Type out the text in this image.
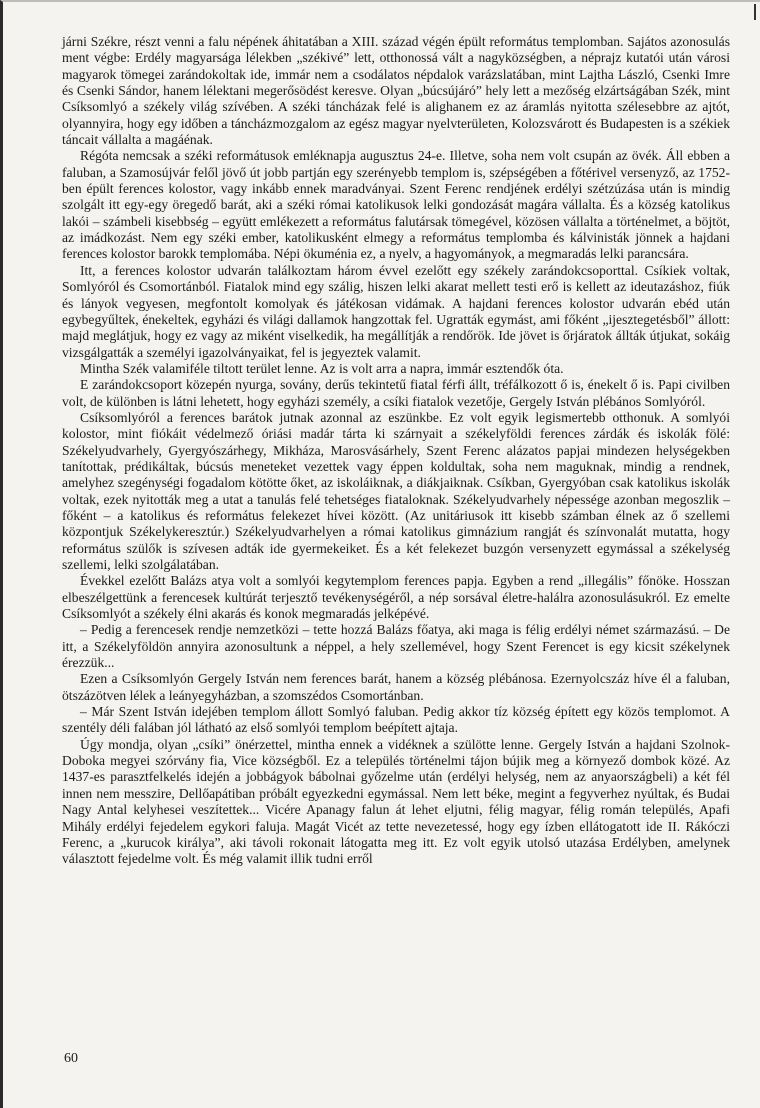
járni Székre, részt venni a falu népének áhitatában a XIII. század végén épült református templomban. Sajátos azonosulás ment végbe: Erdély magyarsága lélekben „székivé” lett, otthonossá vált a nagyközségben, a néprajz kutatói után városi magyarok tömegei zarándokoltak ide, immár nem a csodálatos népdalok varázslatában, mint Lajtha László, Csenki Imre és Csenki Sándor, hanem lélektani megerősödést keresve. Olyan „búcsújáró” hely lett a mezőség elzártságában Szék, mint Csíksomlyó a székely világ szívében. A széki táncházak felé is alighanem ez az áramlás nyitotta szélesebbre az ajtót, olyannyira, hogy egy időben a táncházmozgalom az egész magyar nyelvterületen, Kolozsvárott és Budapesten is a székiek táncait vállalta a magáénak.

Régóta nemcsak a széki reformátusok emléknapja augusztus 24-e. Illetve, soha nem volt csupán az övék. Áll ebben a faluban, a Szamosújvár felől jövő út jobb partján egy szerényebb templom is, szépségében a főtérivel versenyző, az 1752-ben épült ferences kolostor, vagy inkább ennek maradványai. Szent Ferenc rendjének erdélyi szétzúzása után is mindig szolgált itt egy-egy öregedő barát, aki a széki római katolikusok lelki gondozását magára vállalta. És a község katolikus lakói – számbeli kisebbség – együtt emlékezett a református falutársak tömegével, közösen vállalta a történelmet, a böjtöt, az imádkozást. Nem egy széki ember, katolikusként elmegy a református templomba és kálvinisták jönnek a hajdani ferences kolostor barokk templomába. Népi ökuménia ez, a nyelv, a hagyományok, a megmaradás lelki parancsára.

Itt, a ferences kolostor udvarán találkoztam három évvel ezelőtt egy székely zarándokcsoporttal. Csíkiek voltak, Somlyóról és Csomortánból. Fiatalok mind egy szálig, hiszen lelki akarat mellett testi erő is kellett az ideutazáshoz, fiúk és lányok vegyesen, megfontolt komolyak és játékosan vidámak. A hajdani ferences kolostor udvarán ebéd után egybegyűltek, énekeltek, egyházi és világi dallamok hangzottak fel. Ugratták egymást, ami főként „ijesztegetésből” állott: majd meglátjuk, hogy ez vagy az miként viselkedik, ha megállítják a rendőrök. Ide jövet is őrjáratok állták útjukat, sokáig vizsgálgatták a személyi igazolványaikat, fel is jegyeztek valamit.

Mintha Szék valamiféle tiltott terület lenne. Az is volt arra a napra, immár esztendők óta.

E zarándokcsoport közepén nyurga, sovány, derűs tekintetű fiatal férfi állt, tréfálkozott ő is, énekelt ő is. Papi civilben volt, de különben is látni lehetett, hogy egyházi személy, a csíki fiatalok vezetője, Gergely István plébános Somlyóról.

Csíksomlyóról a ferences barátok jutnak azonnal az eszünkbe. Ez volt egyik legismertebb otthonuk. A somlyói kolostor, mint fiókáit védelmező óriási madár tárta ki szárnyait a székelyföldi ferences zárdák és iskolák fölé: Székelyudvarhely, Gyergyószárhegy, Mikháza, Marosvásárhely, Szent Ferenc alázatos papjai mindezen helységekben tanítottak, prédikáltak, búcsús meneteket vezettek vagy éppen koldultak, soha nem maguknak, mindig a rendnek, amelyhez szegénységi fogadalom kötötte őket, az iskoláiknak, a diákjaiknak. Csíkban, Gyergyóban csak katolikus iskolák voltak, ezek nyitották meg a utat a tanulás felé tehetséges fiataloknak. Székelyudvarhely népessége azonban megoszlik – főként – a katolikus és református felekezet hívei között. (Az unitáriusok itt kisebb számban élnek az ő szellemi központjuk Székelykeresztúr.) Székelyudvarhelyen a római katolikus gimnázium rangját és színvonalát mutatta, hogy református szülők is szívesen adták ide gyermekeiket. És a két felekezet buzgón versenyzett egymással a székelység szellemi, lelki szolgálatában.

Évekkel ezelőtt Balázs atya volt a somlyói kegytemplom ferences papja. Egyben a rend „illegális” főnöke. Hosszan elbeszélgettünk a ferencesek kultúrát terjesztő tevékenységéről, a nép sorsával életre-halálra azonosulásukról. Ez emelte Csíksomlyót a székely élni akarás és konok megmaradás jelképévé.

– Pedig a ferencesek rendje nemzetközi – tette hozzá Balázs főatya, aki maga is félig erdélyi német származású. – De itt, a Székelyföldön annyira azonosultunk a néppel, a hely szellemével, hogy Szent Ferencet is egy kicsit székelynek érezzük...

Ezen a Csíksomlyón Gergely István nem ferences barát, hanem a község plébánosa. Ezernyolcszáz híve él a faluban, ötszázötven lélek a leányegyházban, a szomszédos Csomortánban.

– Már Szent István idejében templom állott Somlyó faluban. Pedig akkor tíz község épített egy közös templomot. A szentély déli falában jól látható az első somlyói templom beépített ajtaja.

Úgy mondja, olyan „csíki” önérzettel, mintha ennek a vidéknek a szülötte lenne. Gergely István a hajdani Szolnok-Doboka megyei szórvány fia, Vice községből. Ez a település történelmi tájon bújik meg a környező dombok közé. Az 1437-es parasztfelkelés idején a jobbágyok bábolnai győzelme után (erdélyi helység, nem az anyaországbeli) a két fél innen nem messzire, Dellőapátiban próbált egyezkedni egymással. Nem lett béke, megint a fegyverhez nyúltak, és Budai Nagy Antal kelyhesei veszítettek... Vicére Apanagy falun át lehet eljutni, félig magyar, félig román település, Apafi Mihály erdélyi fejedelem egykori faluja. Magát Vicét az tette nevezetessé, hogy egy ízben ellátogatott ide II. Rákóczi Ferenc, a „kurucok királya”, aki távoli rokonait látogatta meg itt. Ez volt egyik utolsó utazása Erdélyben, amelynek választott fejedelme volt. És még valamit illik tudni erről

60
